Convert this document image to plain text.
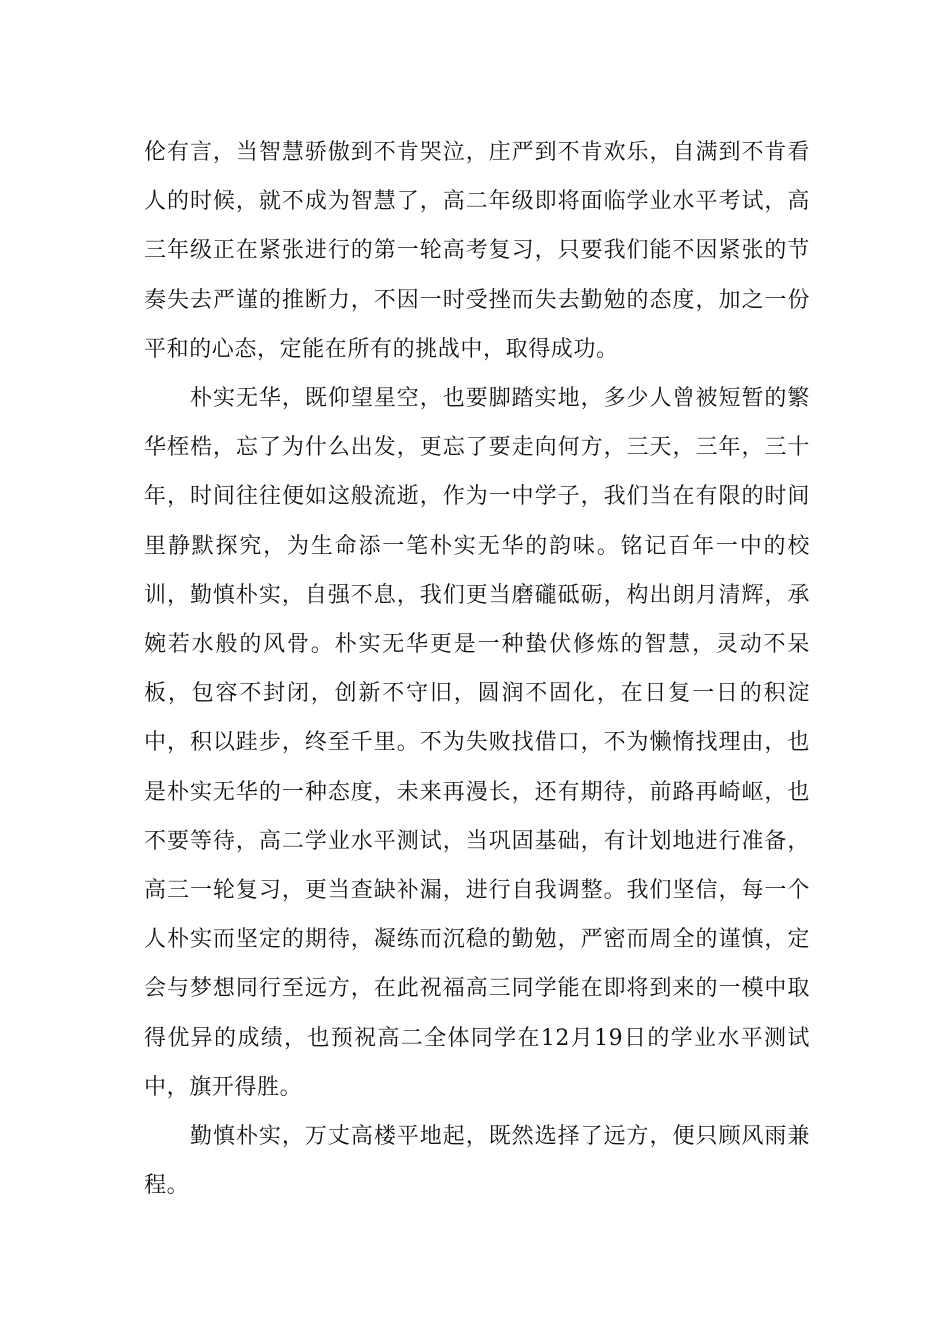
伦有言，当智慧骄傲到不肯哭泣，庄严到不肯欢乐，自满到不肯看人的时候，就不成为智慧了，高二年级即将面临学业水平考试，高三年级正在紧张进行的第一轮高考复习，只要我们能不因紧张的节奏失去严谨的推断力，不因一时受挫而失去勤勉的态度，加之一份平和的心态，定能在所有的挑战中，取得成功。

朴实无华，既仰望星空，也要脚踏实地，多少人曾被短暂的繁华桎梏，忘了为什么出发，更忘了要走向何方，三天，三年，三十年，时间往往便如这般流逝，作为一中学子，我们当在有限的时间里静默探究，为生命添一笔朴实无华的韵味。铭记百年一中的校训，勤慎朴实，自强不息，我们更当磨礲砥砺，构出朗月清辉，承婉若水般的风骨。朴实无华更是一种蛰伏修炼的智慧，灵动不呆板，包容不封闭，创新不守旧，圆润不固化，在日复一日的积淀中，积以跬步，终至千里。不为失败找借口，不为懒惰找理由，也是朴实无华的一种态度，未来再漫长，还有期待，前路再崎岖，也不要等待，高二学业水平测试，当巩固基础，有计划地进行准备，高三一轮复习，更当查缺补漏，进行自我调整。我们坚信，每一个人朴实而坚定的期待，凝练而沉稳的勤勉，严密而周全的谨慎，定会与梦想同行至远方，在此祝福高三同学能在即将到来的一模中取得优异的成绩，也预祝高二全体同学在12月19日的学业水平测试中，旗开得胜。

勤慎朴实，万丈高楼平地起，既然选择了远方，便只顾风雨兼程。
